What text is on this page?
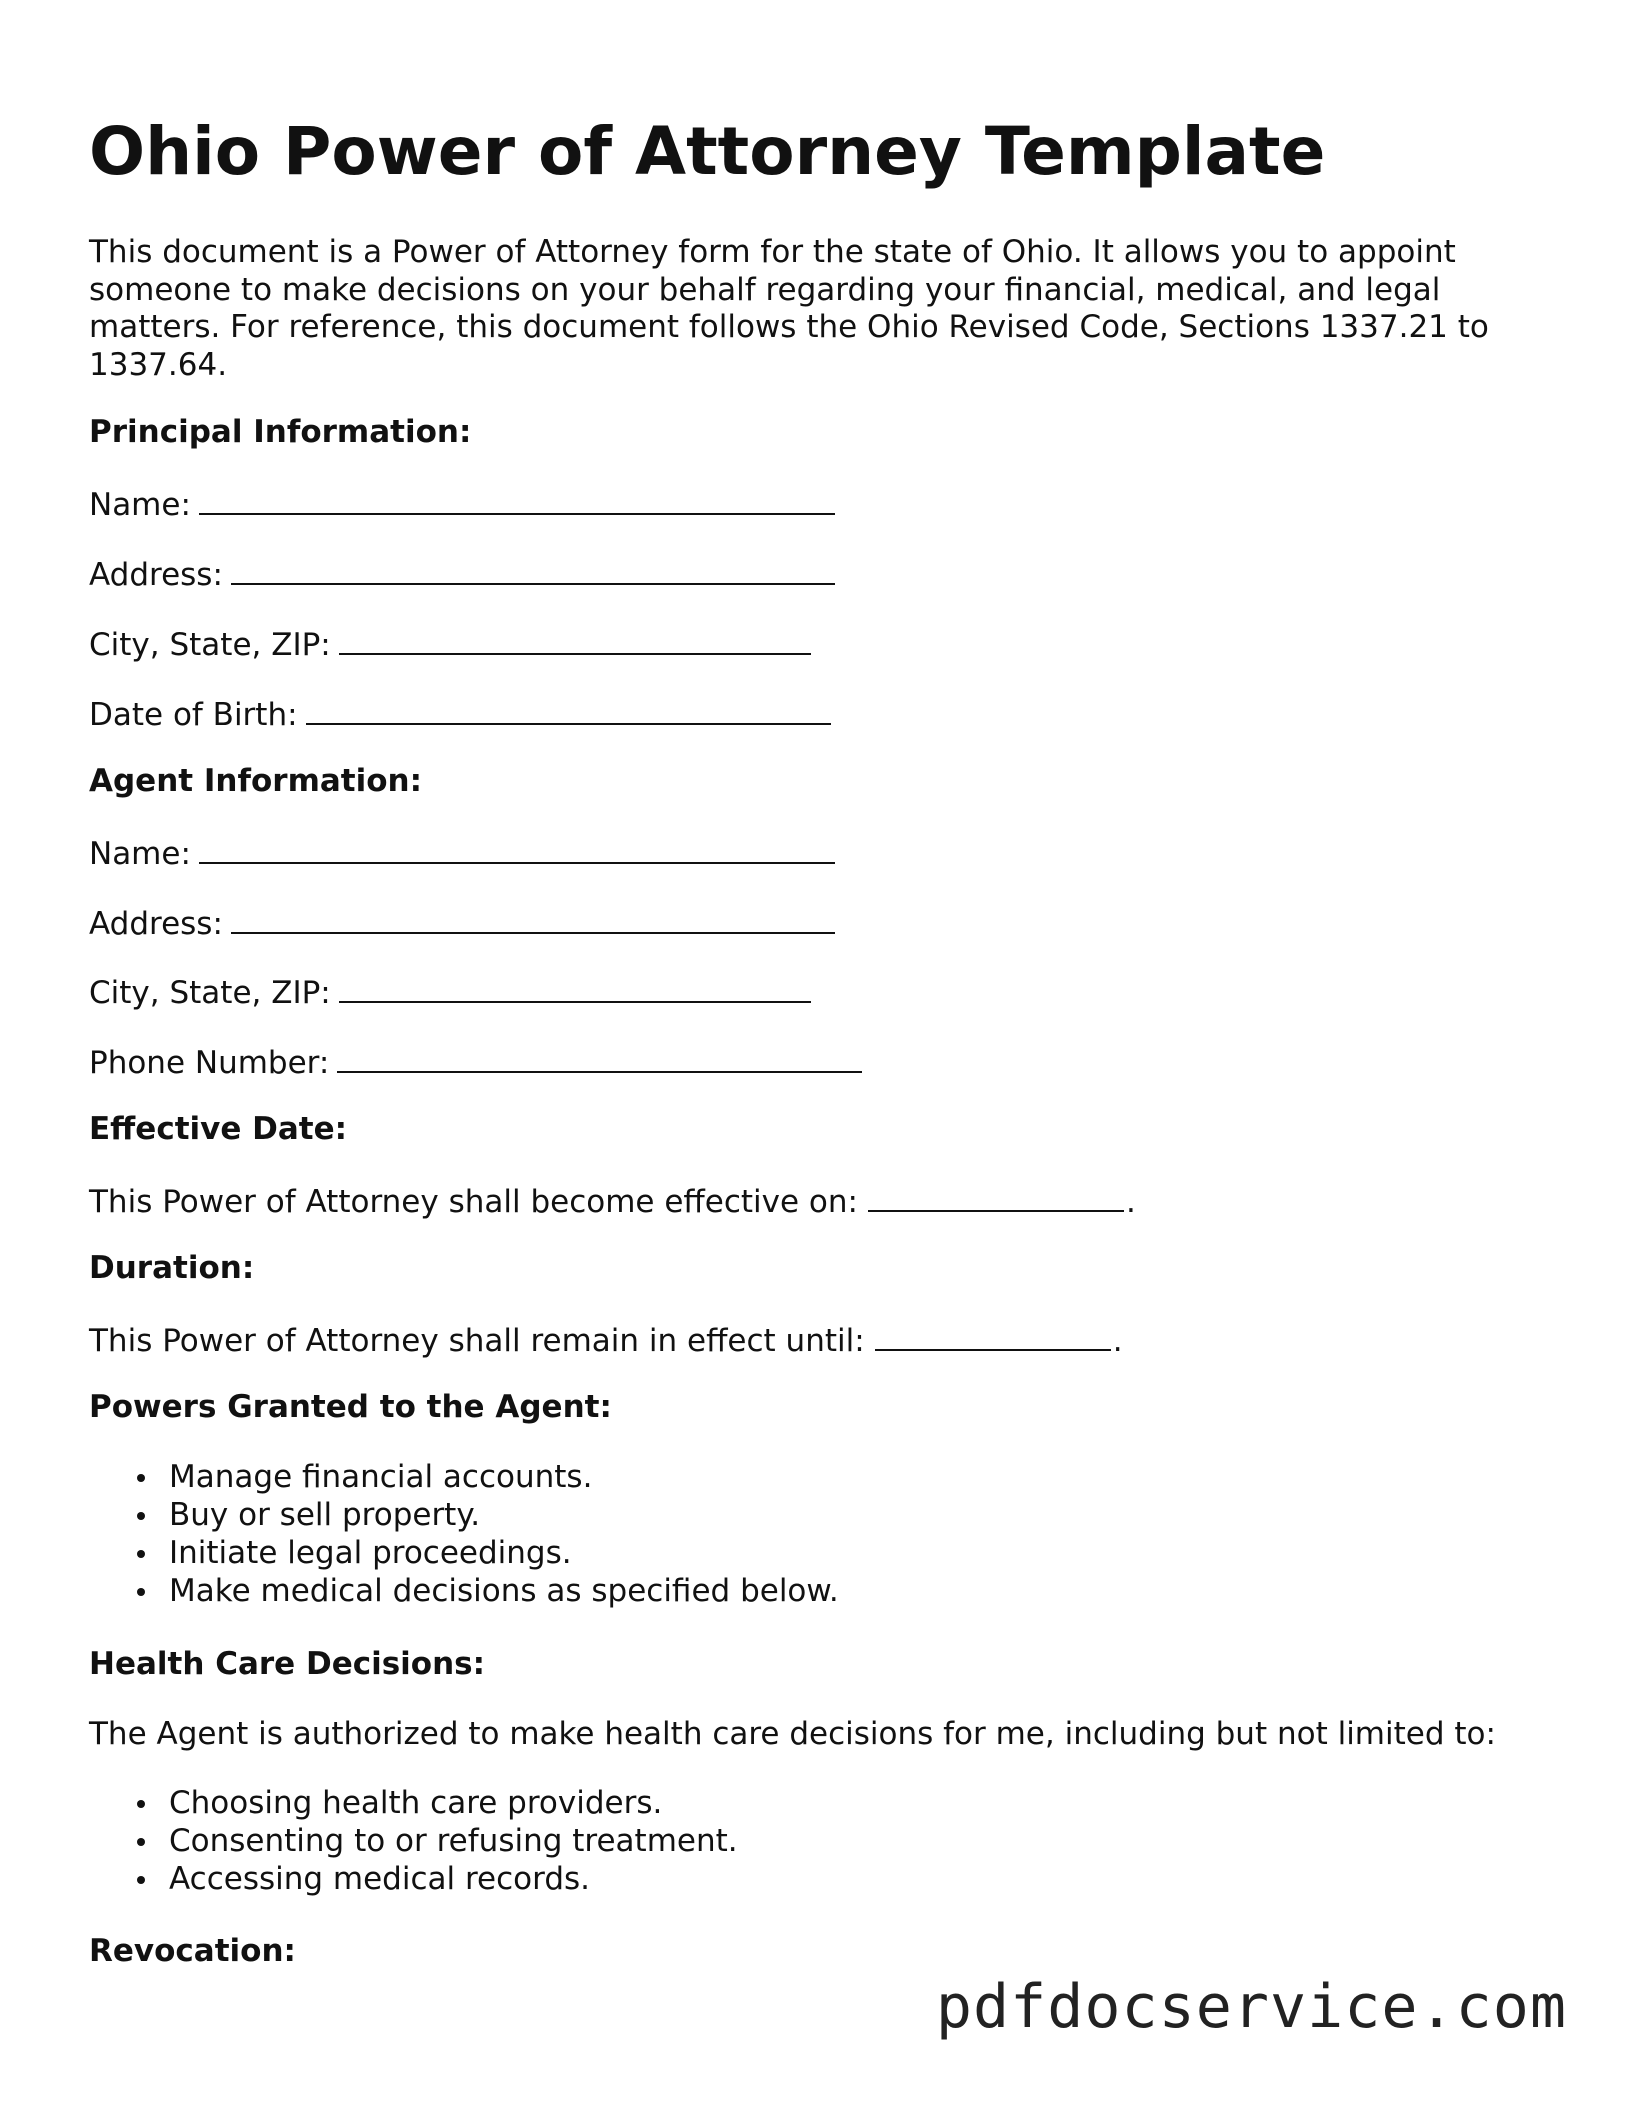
Ohio Power of Attorney Template

This document is a Power of Attorney form for the state of Ohio. It allows you to appoint someone to make decisions on your behalf regarding your financial, medical, and legal matters. For reference, this document follows the Ohio Revised Code, Sections 1337.21 to 1337.64.

Principal Information:

Name:

Address:

City, State, ZIP:

Date of Birth:

Agent Information:

Name:

Address:

City, State, ZIP:

Phone Number:

Effective Date:

This Power of Attorney shall become effective on:	.

Duration:

This Power of Attorney shall remain in effect until:	.

Powers Granted to the Agent:

Manage financial accounts.
Buy or sell property.
Initiate legal proceedings.
Make medical decisions as specified below.

Health Care Decisions:

The Agent is authorized to make health care decisions for me, including but not limited to:

Choosing health care providers.
Consenting to or refusing treatment.
Accessing medical records.

Revocation:

pdfdocservice.com
